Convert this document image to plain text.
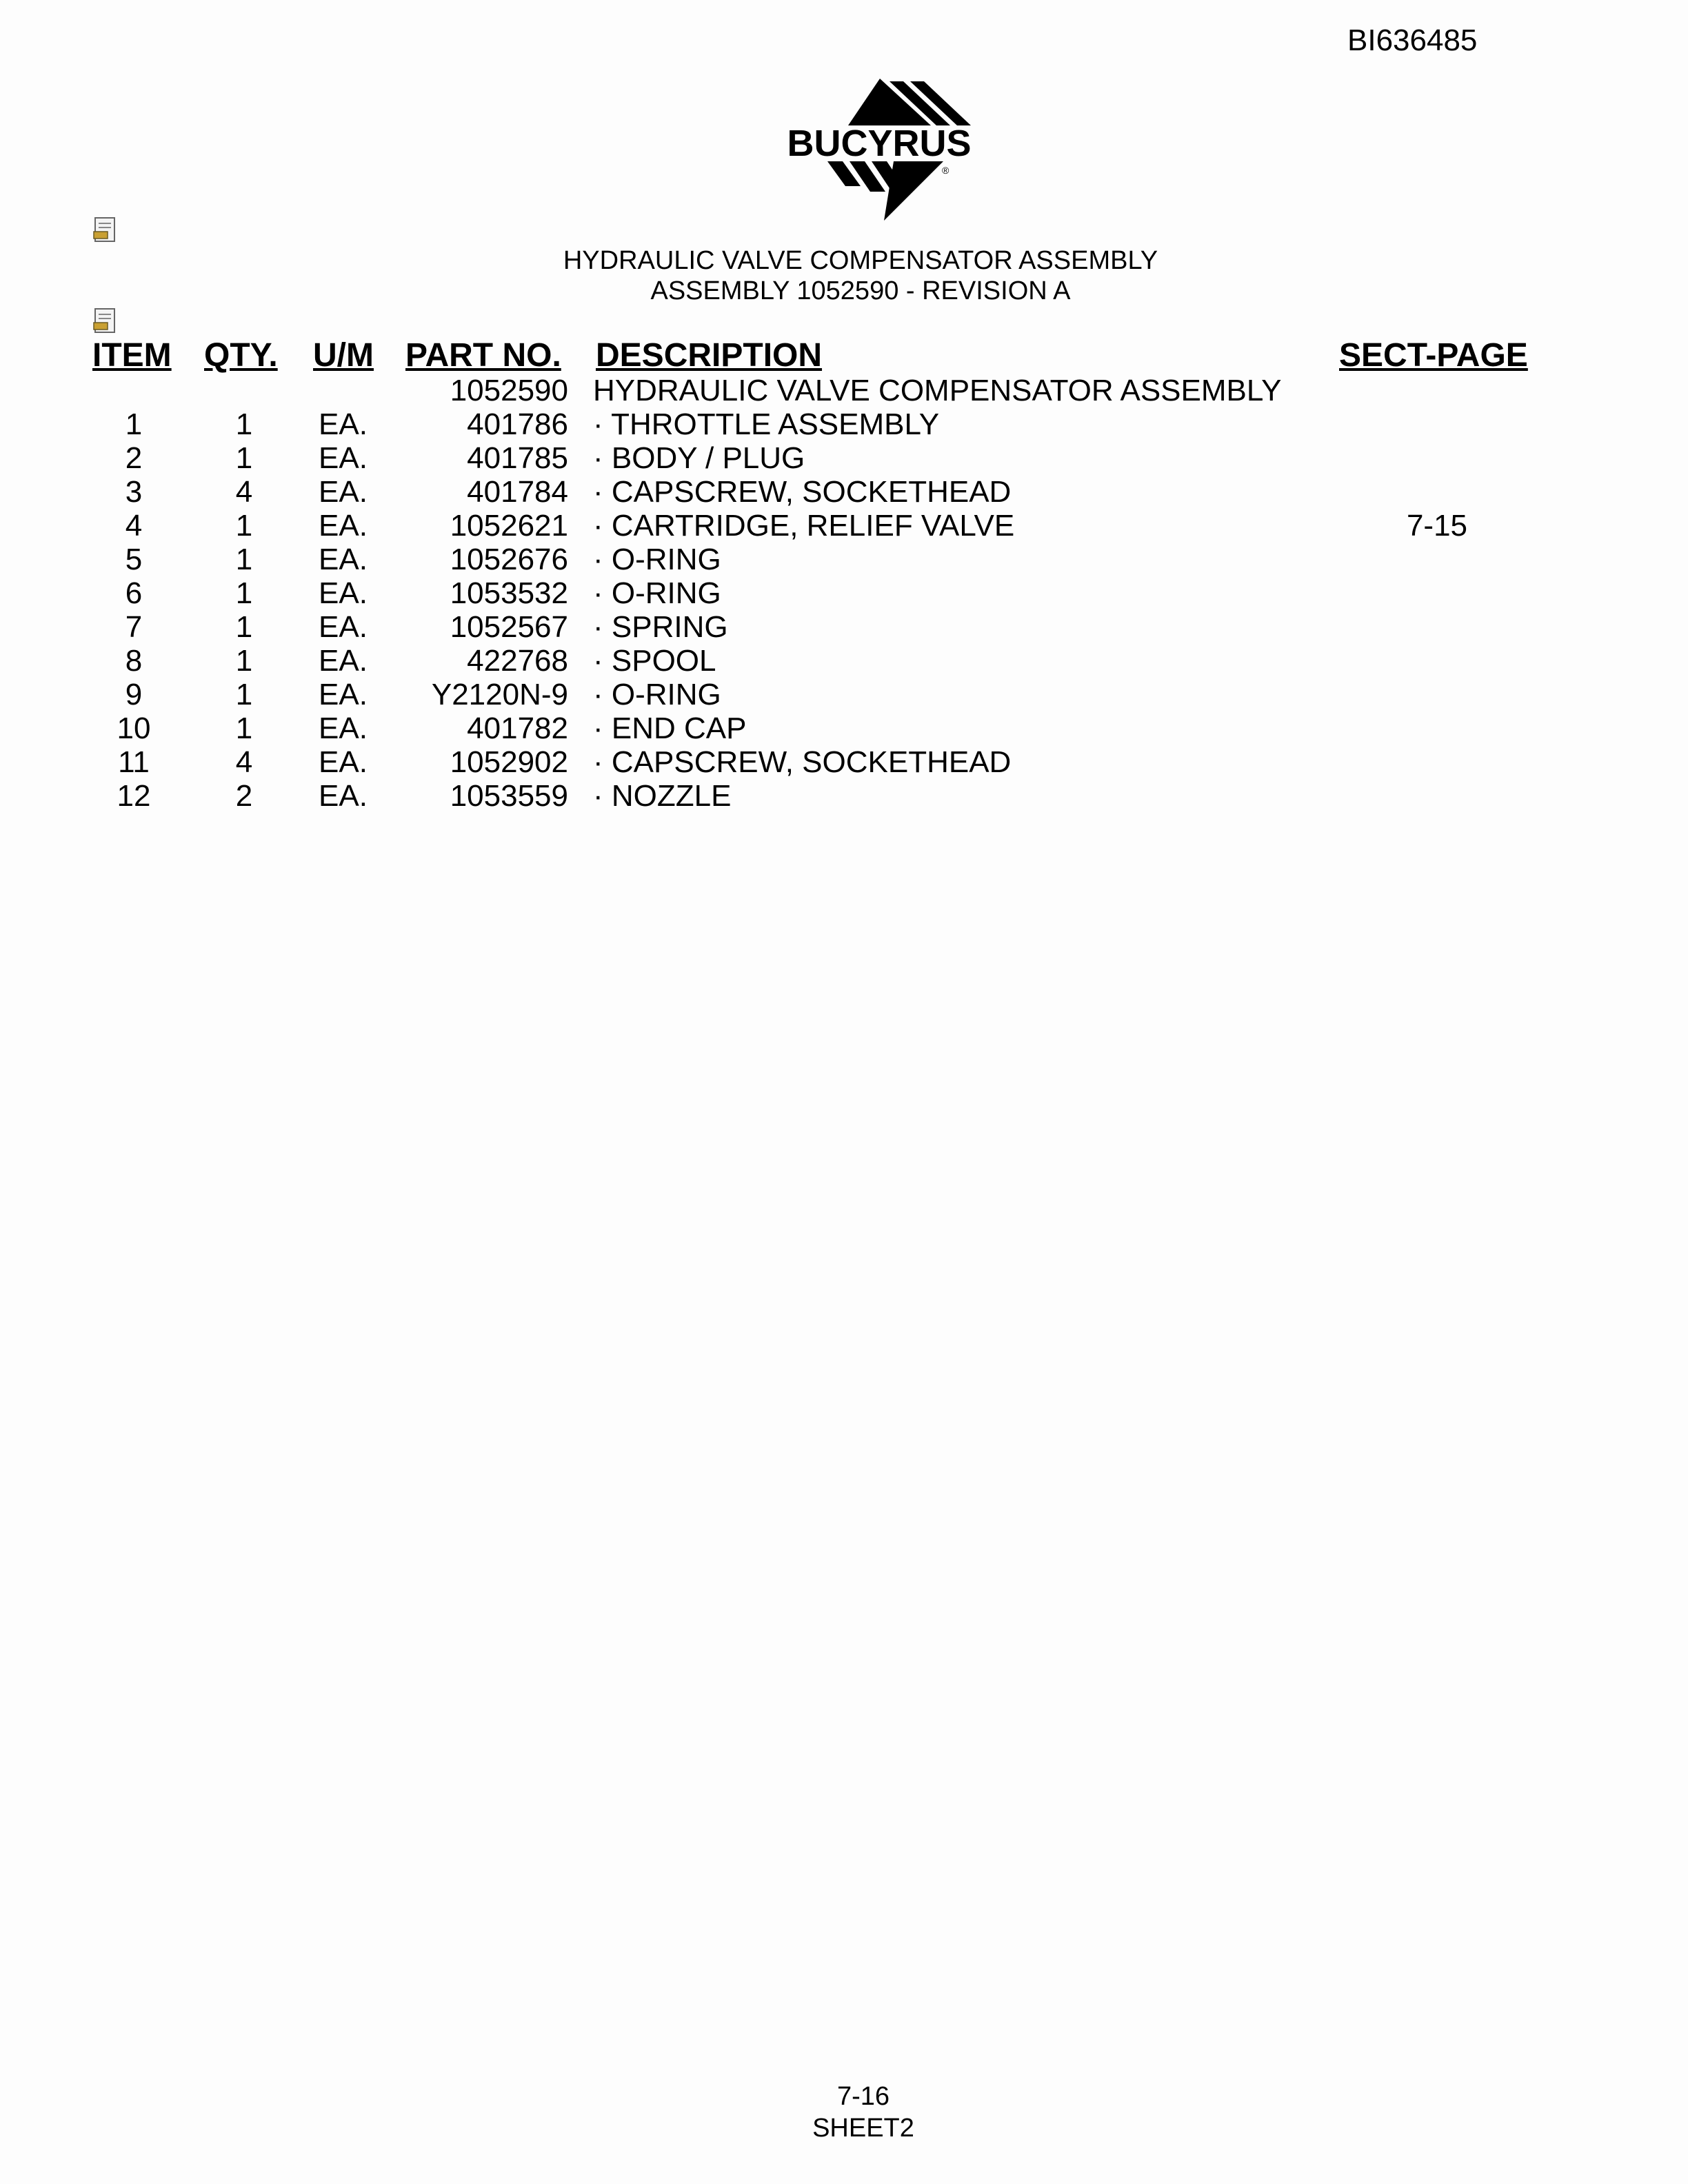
BI636485
BUCYRUS
®
HYDRAULIC VALVE COMPENSATOR ASSEMBLY
ASSEMBLY 1052590 - REVISION A
ITEM QTY. U/M PART NO. DESCRIPTION	SECT-PAGE
1052590 HYDRAULIC VALVE COMPENSATOR ASSEMBLY
1	1	EA.	401786 · THROTTLE ASSEMBLY
2	1	EA.	401785 · BODY / PLUG
3	4	EA.	401784 · CAPSCREW, SOCKETHEAD
4	1	EA.	1052621 · CARTRIDGE, RELIEF VALVE	7-15
5	1	EA.	1052676 · O-RING
6	1	EA.	1053532 · O-RING
7	1	EA.	1052567 · SPRING
8	1	EA.	422768 · SPOOL
9	1	EA.	Y2120N-9 · O-RING
10	1	EA.	401782 · END CAP
11	4	EA.	1052902 · CAPSCREW, SOCKETHEAD
12	2	EA.	1053559 · NOZZLE
7-16
SHEET2
